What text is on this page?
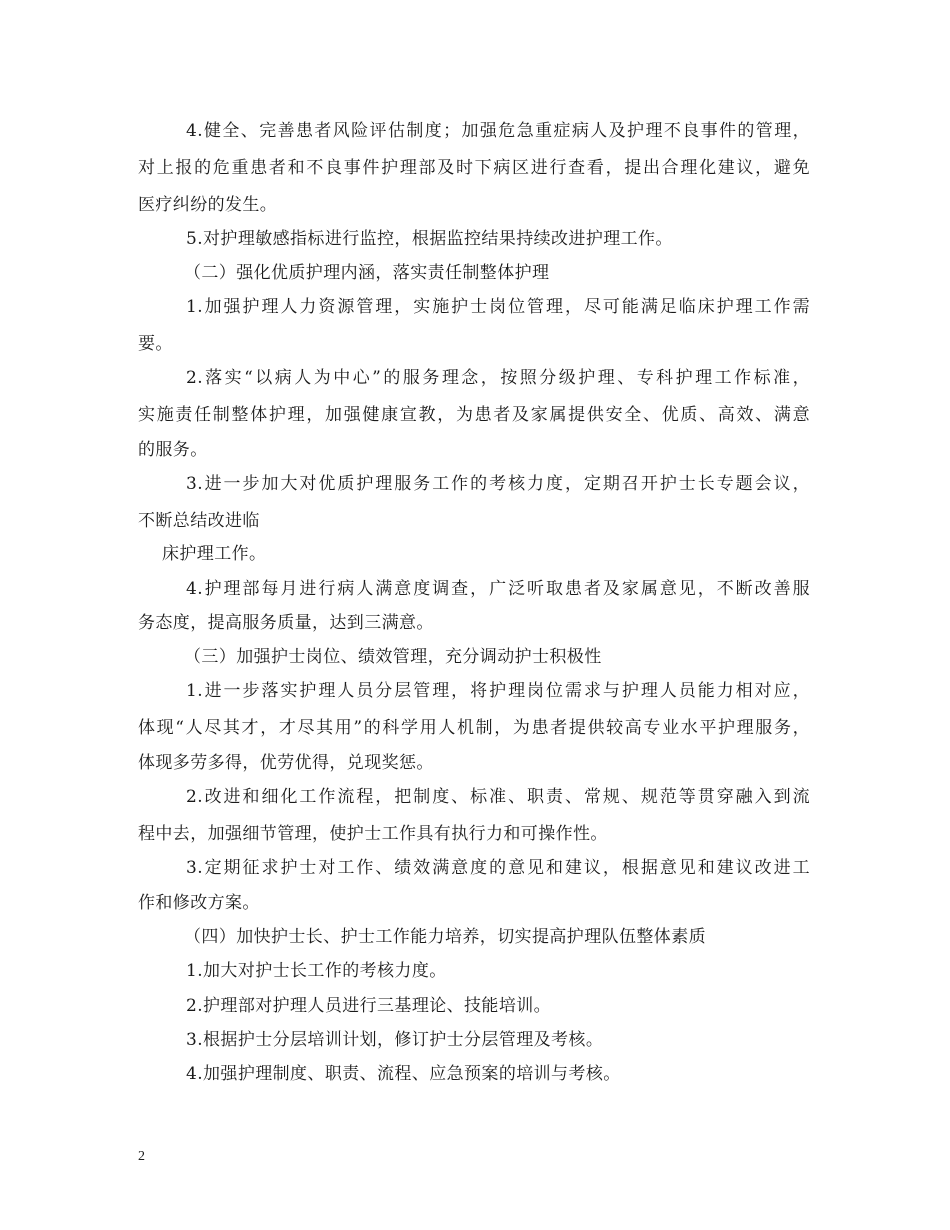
4.健全、完善患者风险评估制度；加强危急重症病人及护理不良事件的管理，
对上报的危重患者和不良事件护理部及时下病区进行查看，提出合理化建议，避免
医疗纠纷的发生。
5.对护理敏感指标进行监控，根据监控结果持续改进护理工作。
（二）强化优质护理内涵，落实责任制整体护理
1.加强护理人力资源管理，实施护士岗位管理，尽可能满足临床护理工作需
要。
2.落实“以病人为中心”的服务理念，按照分级护理、专科护理工作标准，
实施责任制整体护理，加强健康宣教，为患者及家属提供安全、优质、高效、满意
的服务。
3.进一步加大对优质护理服务工作的考核力度，定期召开护士长专题会议，
不断总结改进临
床护理工作。
4.护理部每月进行病人满意度调查，广泛听取患者及家属意见，不断改善服
务态度，提高服务质量，达到三满意。
（三）加强护士岗位、绩效管理，充分调动护士积极性
1.进一步落实护理人员分层管理，将护理岗位需求与护理人员能力相对应，
体现“人尽其才，才尽其用”的科学用人机制，为患者提供较高专业水平护理服务，
体现多劳多得，优劳优得，兑现奖惩。
2.改进和细化工作流程，把制度、标准、职责、常规、规范等贯穿融入到流
程中去，加强细节管理，使护士工作具有执行力和可操作性。
3.定期征求护士对工作、绩效满意度的意见和建议，根据意见和建议改进工
作和修改方案。
（四）加快护士长、护士工作能力培养，切实提高护理队伍整体素质
1.加大对护士长工作的考核力度。
2.护理部对护理人员进行三基理论、技能培训。
3.根据护士分层培训计划，修订护士分层管理及考核。
4.加强护理制度、职责、流程、应急预案的培训与考核。
2
